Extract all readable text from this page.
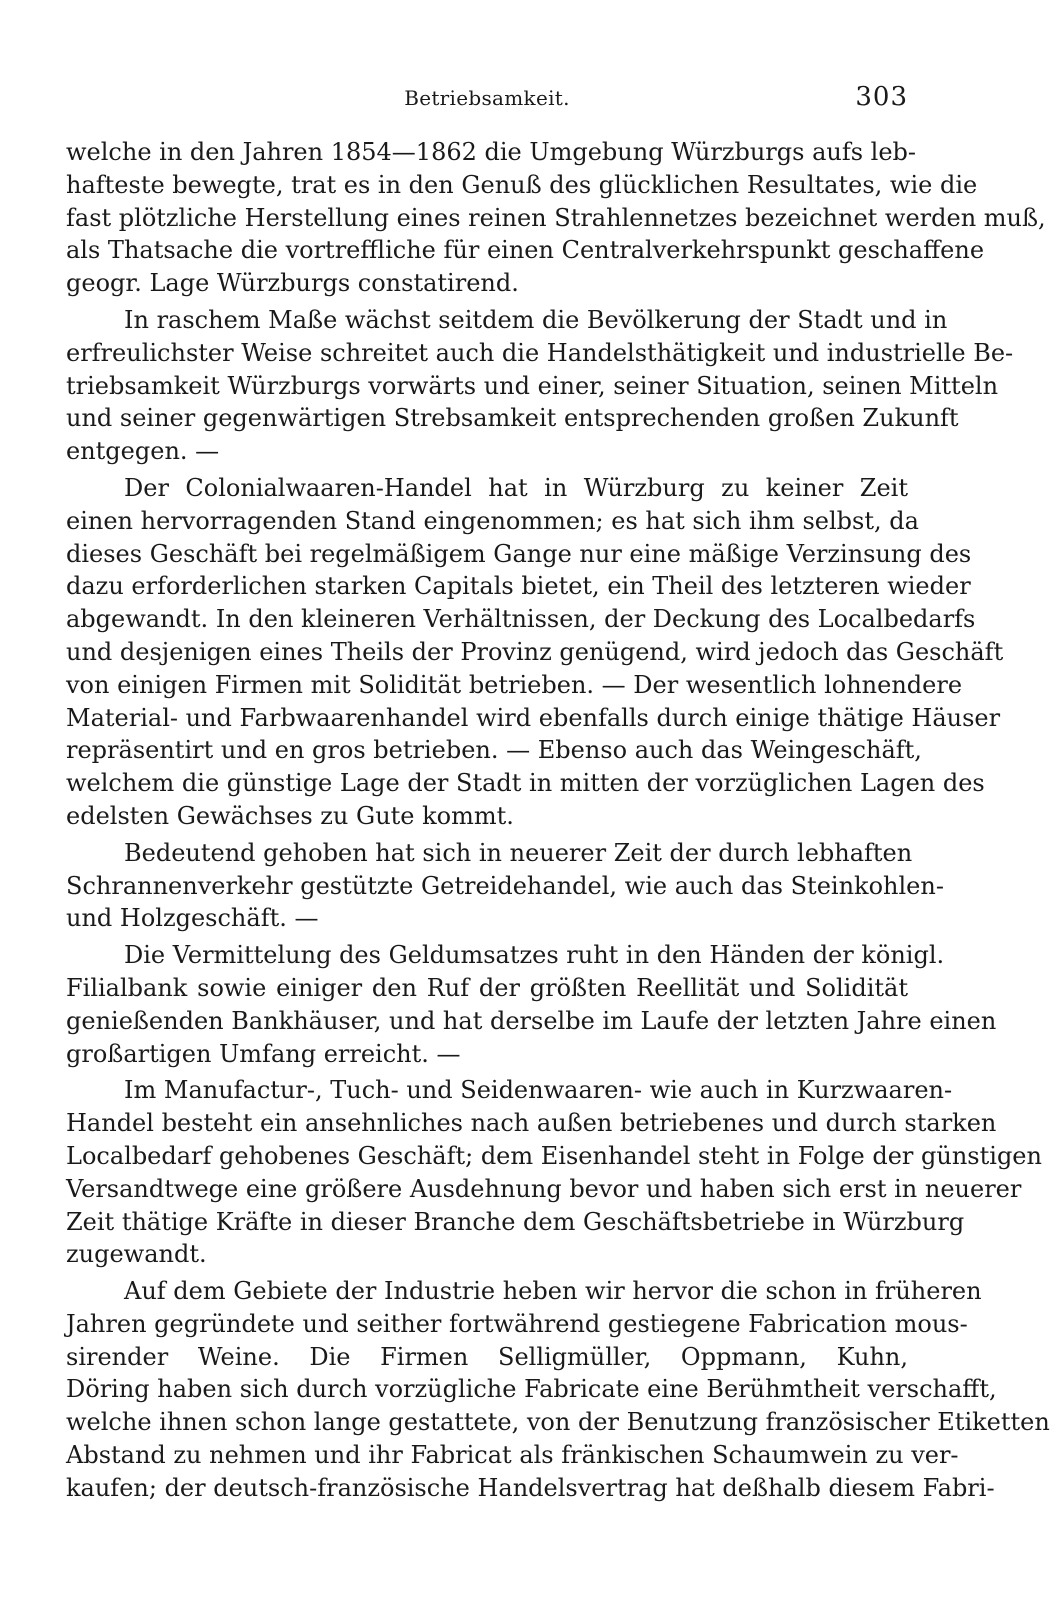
Betriebsamkeit.	303
welche in den Jahren 1854—1862 die Umgebung Würzburgs aufs leb-
hafteste bewegte, trat es in den Genuß des glücklichen Resultates, wie die
fast plötzliche Herstellung eines reinen Strahlennetzes bezeichnet werden muß,
als Thatsache die vortreffliche für einen Centralverkehrspunkt geschaffene
geogr. Lage Würzburgs constatirend.
In raschem Maße wächst seitdem die Bevölkerung der Stadt und in
erfreulichster Weise schreitet auch die Handelsthätigkeit und industrielle Be-
triebsamkeit Würzburgs vorwärts und einer, seiner Situation, seinen Mitteln
und seiner gegenwärtigen Strebsamkeit entsprechenden großen Zukunft
entgegen. —
Der Colonialwaaren-Handel hat in Würzburg zu keiner Zeit
einen hervorragenden Stand eingenommen; es hat sich ihm selbst, da
dieses Geschäft bei regelmäßigem Gange nur eine mäßige Verzinsung des
dazu erforderlichen starken Capitals bietet, ein Theil des letzteren wieder
abgewandt. In den kleineren Verhältnissen, der Deckung des Localbedarfs
und desjenigen eines Theils der Provinz genügend, wird jedoch das Geschäft
von einigen Firmen mit Solidität betrieben. — Der wesentlich lohnendere
Material- und Farbwaarenhandel wird ebenfalls durch einige thätige Häuser
repräsentirt und en gros betrieben. — Ebenso auch das Weingeschäft,
welchem die günstige Lage der Stadt in mitten der vorzüglichen Lagen des
edelsten Gewächses zu Gute kommt.
Bedeutend gehoben hat sich in neuerer Zeit der durch lebhaften
Schrannenverkehr gestützte Getreidehandel, wie auch das Steinkohlen-
und Holzgeschäft. —
Die Vermittelung des Geldumsatzes ruht in den Händen der königl.
Filialbank sowie einiger den Ruf der größten Reellität und Solidität
genießenden Bankhäuser, und hat derselbe im Laufe der letzten Jahre einen
großartigen Umfang erreicht. —
Im Manufactur-, Tuch- und Seidenwaaren- wie auch in Kurzwaaren-
Handel besteht ein ansehnliches nach außen betriebenes und durch starken
Localbedarf gehobenes Geschäft; dem Eisenhandel steht in Folge der günstigen
Versandtwege eine größere Ausdehnung bevor und haben sich erst in neuerer
Zeit thätige Kräfte in dieser Branche dem Geschäftsbetriebe in Würzburg
zugewandt.
Auf dem Gebiete der Industrie heben wir hervor die schon in früheren
Jahren gegründete und seither fortwährend gestiegene Fabrication mous-
sirender Weine. Die Firmen Selligmüller, Oppmann, Kuhn,
Döring haben sich durch vorzügliche Fabricate eine Berühmtheit verschafft,
welche ihnen schon lange gestattete, von der Benutzung französischer Etiketten
Abstand zu nehmen und ihr Fabricat als fränkischen Schaumwein zu ver-
kaufen; der deutsch-französische Handelsvertrag hat deßhalb diesem Fabri-
